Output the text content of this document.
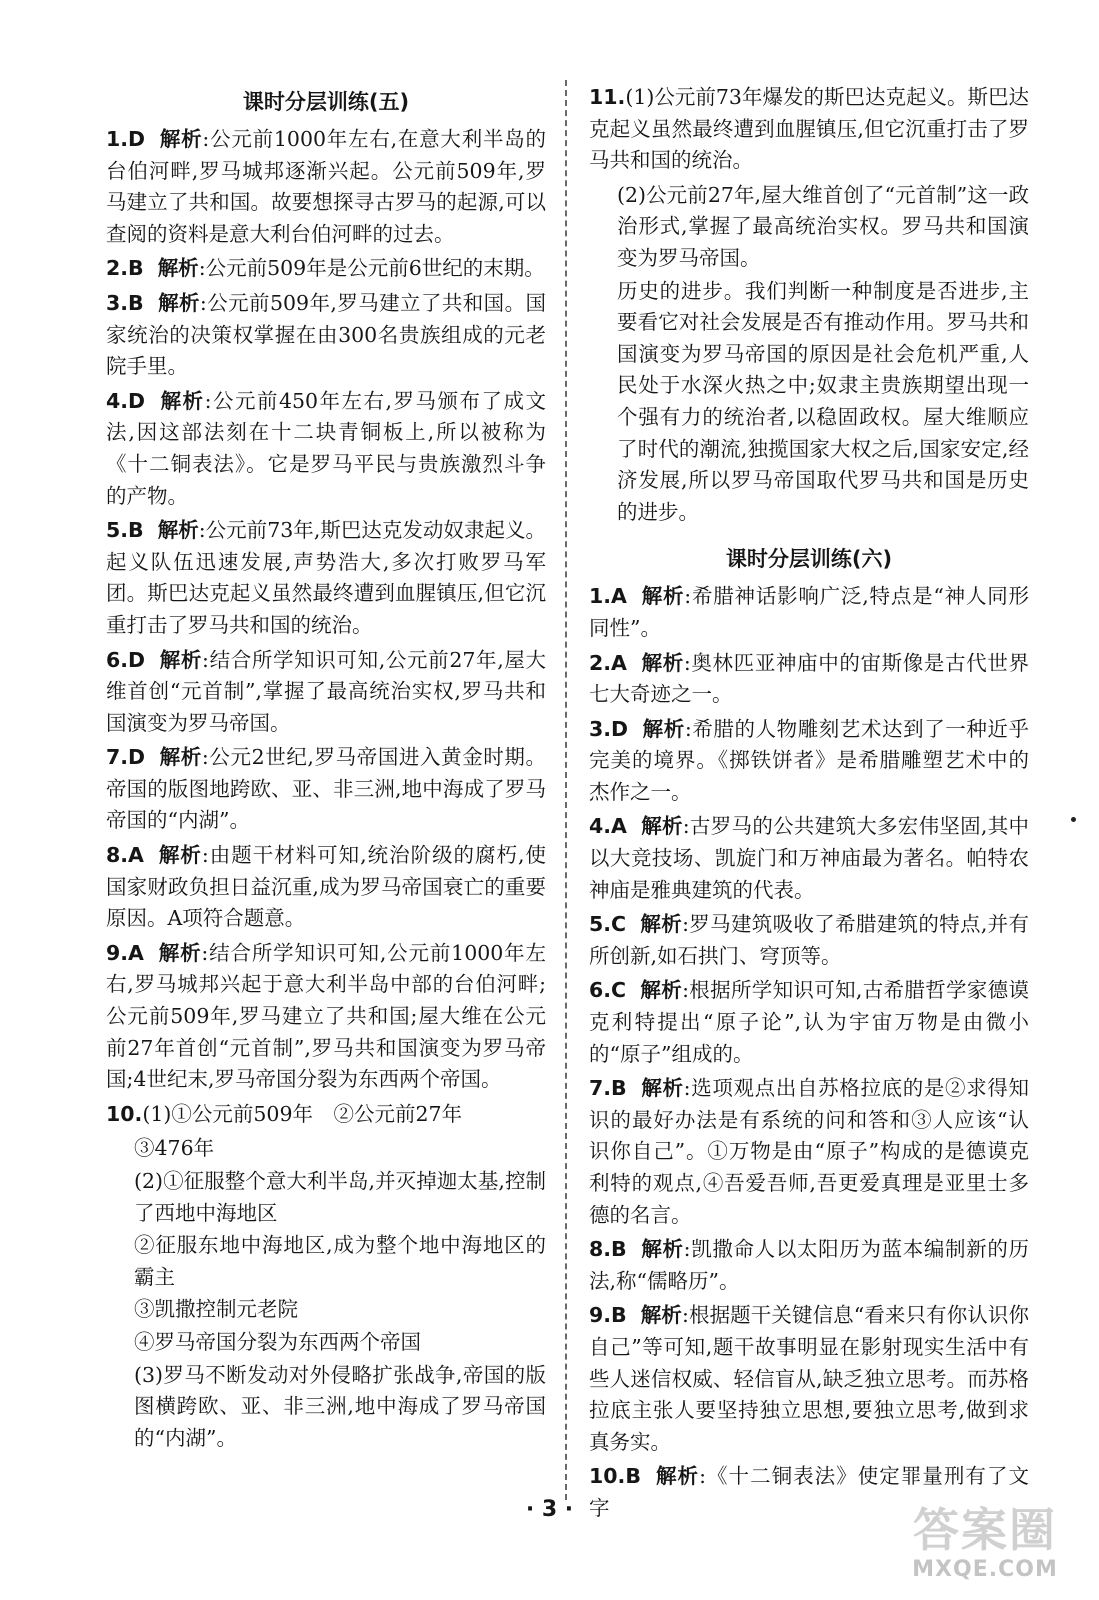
课时分层训练(五)
1.D 解析:公元前1000年左右,在意大利半岛的台伯河畔,罗马城邦逐渐兴起。公元前509年,罗马建立了共和国。故要想探寻古罗马的起源,可以查阅的资料是意大利台伯河畔的过去。
2.B 解析:公元前509年是公元前6世纪的末期。
3.B 解析:公元前509年,罗马建立了共和国。国家统治的决策权掌握在由300名贵族组成的元老院手里。
4.D 解析:公元前450年左右,罗马颁布了成文法,因这部法刻在十二块青铜板上,所以被称为《十二铜表法》。它是罗马平民与贵族激烈斗争的产物。
5.B 解析:公元前73年,斯巴达克发动奴隶起义。起义队伍迅速发展,声势浩大,多次打败罗马军团。斯巴达克起义虽然最终遭到血腥镇压,但它沉重打击了罗马共和国的统治。
6.D 解析:结合所学知识可知,公元前27年,屋大维首创“元首制”,掌握了最高统治实权,罗马共和国演变为罗马帝国。
7.D 解析:公元2世纪,罗马帝国进入黄金时期。帝国的版图地跨欧、亚、非三洲,地中海成了罗马帝国的“内湖”。
8.A 解析:由题干材料可知,统治阶级的腐朽,使国家财政负担日益沉重,成为罗马帝国衰亡的重要原因。A项符合题意。
9.A 解析:结合所学知识可知,公元前1000年左右,罗马城邦兴起于意大利半岛中部的台伯河畔;公元前509年,罗马建立了共和国;屋大维在公元前27年首创“元首制”,罗马共和国演变为罗马帝国;4世纪末,罗马帝国分裂为东西两个帝国。
10.(1)①公元前509年　②公元前27年
③476年
(2)①征服整个意大利半岛,并灭掉迦太基,控制了西地中海地区
②征服东地中海地区,成为整个地中海地区的霸主
③凯撒控制元老院
④罗马帝国分裂为东西两个帝国
(3)罗马不断发动对外侵略扩张战争,帝国的版图横跨欧、亚、非三洲,地中海成了罗马帝国的“内湖”。
11.(1)公元前73年爆发的斯巴达克起义。斯巴达克起义虽然最终遭到血腥镇压,但它沉重打击了罗马共和国的统治。
(2)公元前27年,屋大维首创了“元首制”这一政治形式,掌握了最高统治实权。罗马共和国演变为罗马帝国。
历史的进步。我们判断一种制度是否进步,主要看它对社会发展是否有推动作用。罗马共和国演变为罗马帝国的原因是社会危机严重,人民处于水深火热之中;奴隶主贵族期望出现一个强有力的统治者,以稳固政权。屋大维顺应了时代的潮流,独揽国家大权之后,国家安定,经济发展,所以罗马帝国取代罗马共和国是历史的进步。
课时分层训练(六)
1.A 解析:希腊神话影响广泛,特点是“神人同形同性”。
2.A 解析:奥林匹亚神庙中的宙斯像是古代世界七大奇迹之一。
3.D 解析:希腊的人物雕刻艺术达到了一种近乎完美的境界。《掷铁饼者》是希腊雕塑艺术中的杰作之一。
4.A 解析:古罗马的公共建筑大多宏伟坚固,其中以大竞技场、凯旋门和万神庙最为著名。帕特农神庙是雅典建筑的代表。
5.C 解析:罗马建筑吸收了希腊建筑的特点,并有所创新,如石拱门、穹顶等。
6.C 解析:根据所学知识可知,古希腊哲学家德谟克利特提出“原子论”,认为宇宙万物是由微小的“原子”组成的。
7.B 解析:选项观点出自苏格拉底的是②求得知识的最好办法是有系统的问和答和③人应该“认识你自己”。①万物是由“原子”构成的是德谟克利特的观点,④吾爱吾师,吾更爱真理是亚里士多德的名言。
8.B 解析:凯撒命人以太阳历为蓝本编制新的历法,称“儒略历”。
9.B 解析:根据题干关键信息“看来只有你认识你自己”等可知,题干故事明显在影射现实生活中有些人迷信权威、轻信盲从,缺乏独立思考。而苏格拉底主张人要坚持独立思想,要独立思考,做到求真务实。
10.B 解析:《十二铜表法》使定罪量刑有了文字
· 3 ·	答案圈
MXQE.COM
